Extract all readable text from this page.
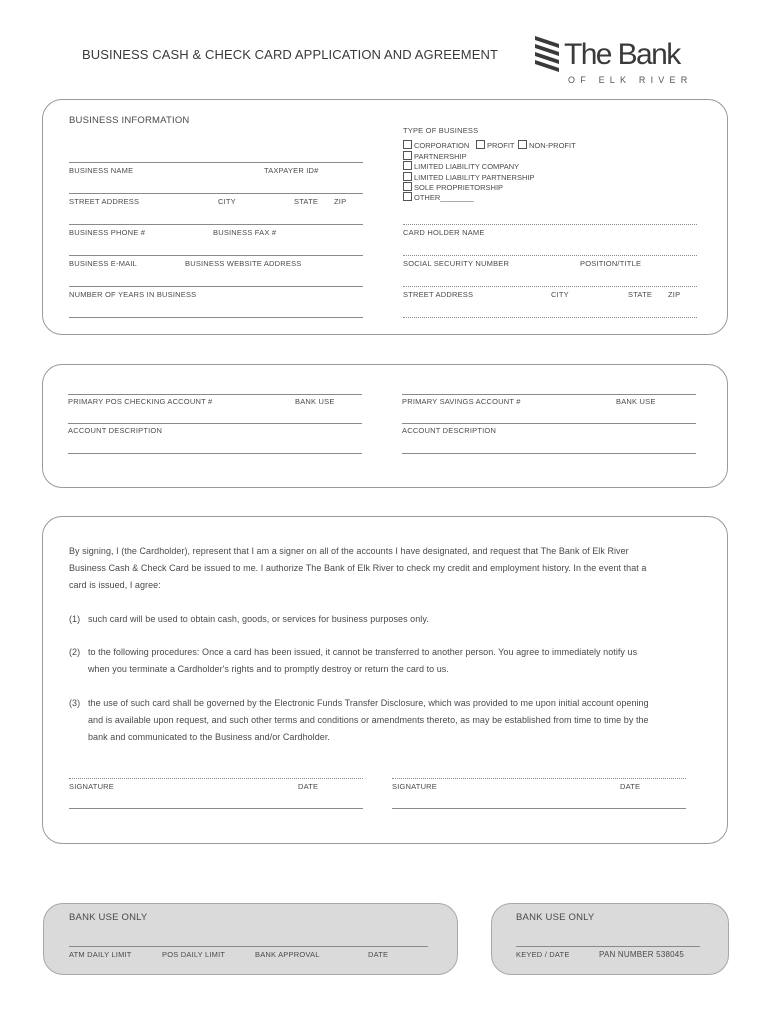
BUSINESS CASH & CHECK CARD APPLICATION AND AGREEMENT The Bank
OF ELK RIVER
BUSINESS INFORMATION
BUSINESS NAME	TAXPAYER ID#
STREET ADDRESS	CITY	STATE ZIP
BUSINESS PHONE #	BUSINESS FAX #
BUSINESS E-MAIL	BUSINESS WEBSITE ADDRESS
NUMBER OF YEARS IN BUSINESS
TYPE OF BUSINESS
CORPORATION	PROFIT	NON-PROFIT
PARTNERSHIP
LIMITED LIABILITY COMPANY
LIMITED LIABILITY PARTNERSHIP
SOLE PROPRIETORSHIP
OTHER________
CARD HOLDER NAME
SOCIAL SECURITY NUMBER	POSITION/TITLE
STREET ADDRESS	CITY	STATE ZIP
PRIMARY POS CHECKING ACCOUNT #	BANK USE	PRIMARY SAVINGS ACCOUNT #	BANK USE
ACCOUNT DESCRIPTION	ACCOUNT DESCRIPTION
By signing, I (the Cardholder), represent that I am a signer on all of the accounts I have designated, and request that The Bank of Elk River
Business Cash & Check Card be issued to me. I authorize The Bank of Elk River to check my credit and employment history. In the event that a
card is issued, I agree:
(1) such card will be used to obtain cash, goods, or services for business purposes only.
(2) to the following procedures: Once a card has been issued, it cannot be transferred to another person. You agree to immediately notify us
when you terminate a Cardholder's rights and to promptly destroy or return the card to us.
(3) the use of such card shall be governed by the Electronic Funds Transfer Disclosure, which was provided to me upon initial account opening
and is available upon request, and such other terms and conditions or amendments thereto, as may be established from time to time by the
bank and communicated to the Business and/or Cardholder.
SIGNATURE	DATE	SIGNATURE	DATE
BANK USE ONLY
ATM DAILY LIMIT	POS DAILY LIMIT	BANK APPROVAL	DATE
BANK USE ONLY
KEYED / DATE	PAN NUMBER 538045
